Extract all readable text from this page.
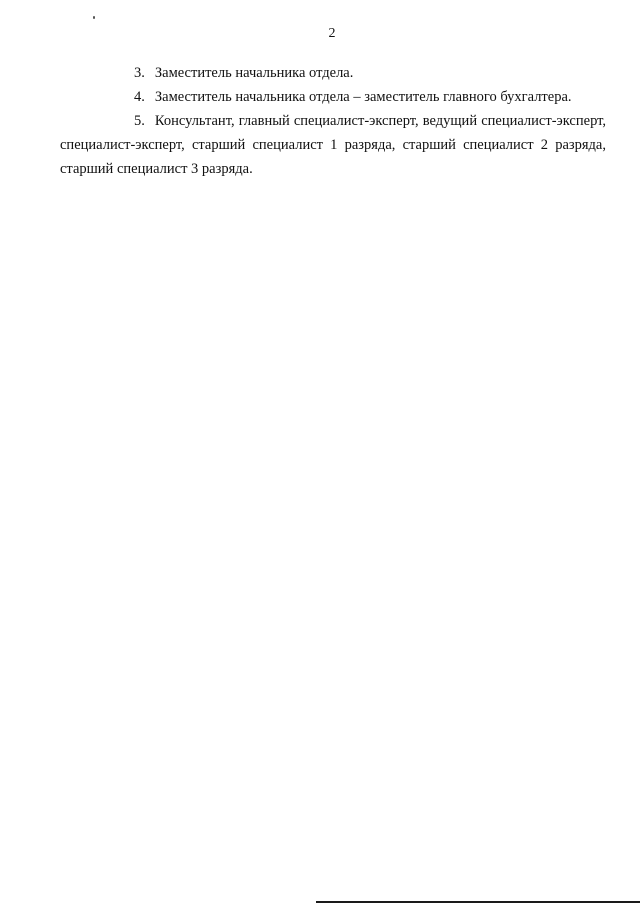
2

3. Заместитель начальника отдела.

4. Заместитель начальника отдела – заместитель главного бухгалтера.

5. Консультант, главный специалист-эксперт, ведущий специалист-эксперт, специалист-эксперт, старший специалист 1 разряда, старший специалист 2 разряда, старший специалист 3 разряда.
